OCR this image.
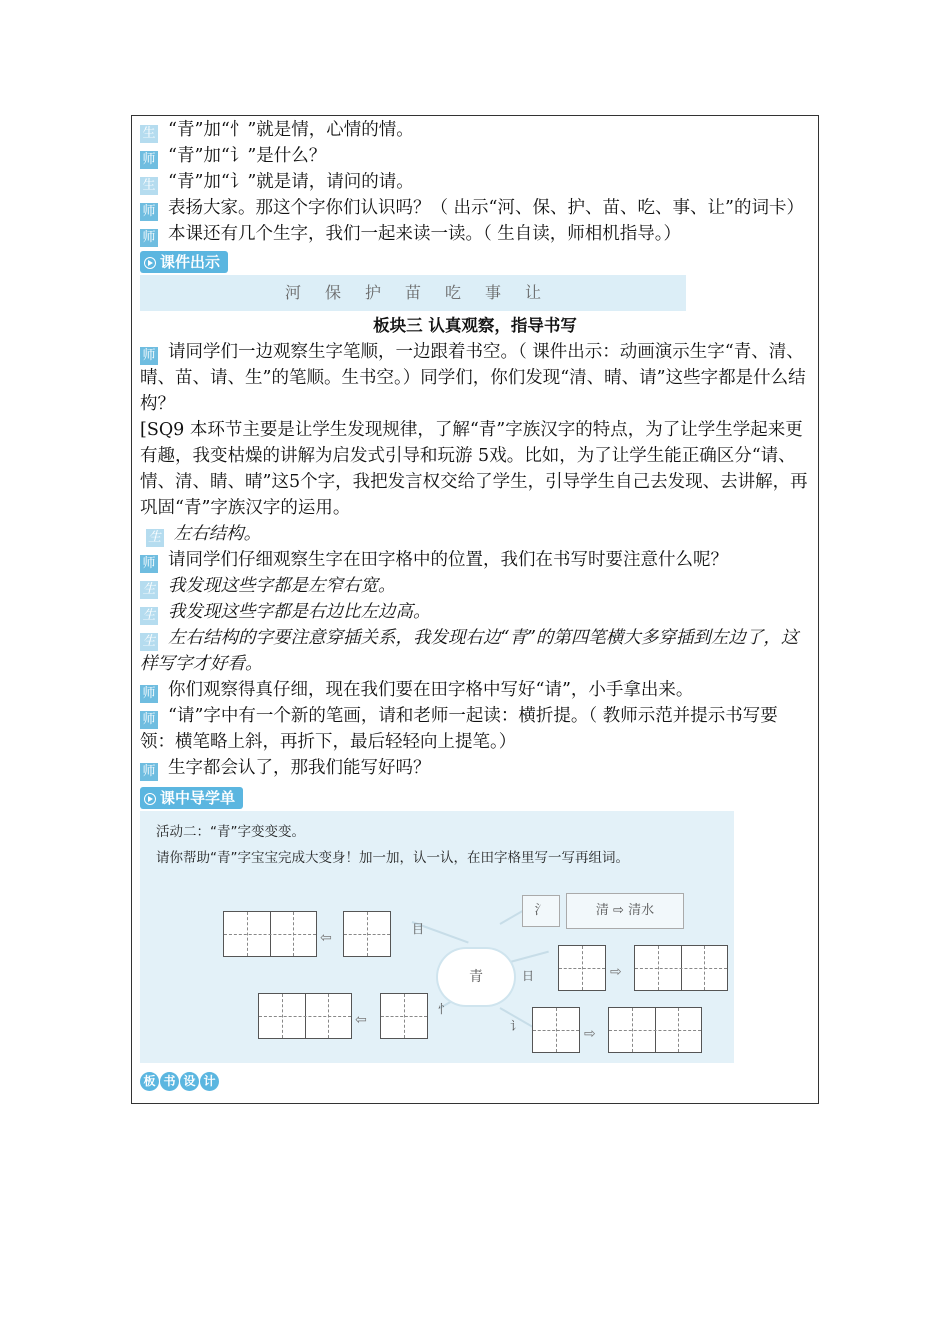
生 “青”加“忄”就是情，心情的情。

师 “青”加“讠”是什么？

生 “青”加“讠”就是请，请问的请。

师 表扬大家。那这个字你们认识吗？（ 出示“河、保、护、苗、吃、事、让”的词卡）

师 本课还有几个生字，我们一起来读一读。（ 生自读，师相机指导。）

课件出示
河 保 护 苗 吃 事 让

板块三 认真观察，指导书写

师 请同学们一边观察生字笔顺，一边跟着书空。（ 课件出示：动画演示生字“青、清、晴、苗、请、生”的笔顺。生书空。）同学们，你们发现“清、晴、请”这些字都是什么结构？

[SQ9 本环节主要是让学生发现规律，了解“青”字族汉字的特点，为了让学生学起来更有趣，我变枯燥的讲解为启发式引导和玩游 5戏。比如，为了让学生能正确区分“请、情、清、睛、晴”这5个字，我把发言权交给了学生，引导学生自己去发现、去讲解，再巩固“青”字族汉字的运用。

生 左右结构。

师 请同学们仔细观察生字在田字格中的位置，我们在书写时要注意什么呢？

生 我发现这些字都是左窄右宽。

生 我发现这些字都是右边比左边高。

生 左右结构的字要注意穿插关系，我发现右边“青”的第四笔横大多穿插到左边了，这样写字才好看。

师 你们观察得真仔细，现在我们要在田字格中写好“请”，小手拿出来。

师 “请”字中有一个新的笔画，请和老师一起读：横折提。（ 教师示范并提示书写要领：横笔略上斜，再折下，最后轻轻向上提笔。）

师 生字都会认了，那我们能写好吗？

课中导学单
活动二：“青”字变变变。
请你帮助“青”字宝宝完成大变身！加一加，认一认，在田字格里写一写再组词。
青
⇦
目
⇦
忄
氵	清 ⇨ 清水
日	⇨
讠	⇨
板 书 设 计
